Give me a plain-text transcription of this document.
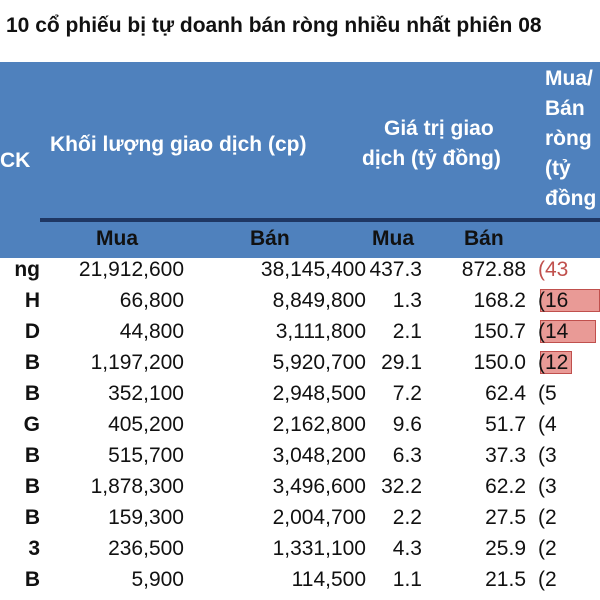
10 cổ phiếu bị tự doanh bán ròng nhiều nhất phiên 08
CK
Khối lượng giao dịch (cp)
Giá trị giao
dịch (tỷ đồng)
Mua/
Bán
ròng
(tỷ
đồng
Mua	Bán	Mua Bán
ng	21,912,600	38,145,400 437.3	872.88 (43
H	66,800	8,849,800	1.3	168.2 (16
D	44,800	3,111,800	2.1	150.7 (14
B	1,197,200	5,920,700 29.1	150.0 (12
B	352,100	2,948,500	7.2	62.4 (5
G	405,200	2,162,800	9.6	51.7 (4
B	515,700	3,048,200	6.3	37.3 (3
B	1,878,300	3,496,600 32.2	62.2 (3
B	159,300	2,004,700	2.2	27.5 (2
3	236,500	1,331,100	4.3	25.9 (2
B	5,900	114,500	1.1	21.5 (2
